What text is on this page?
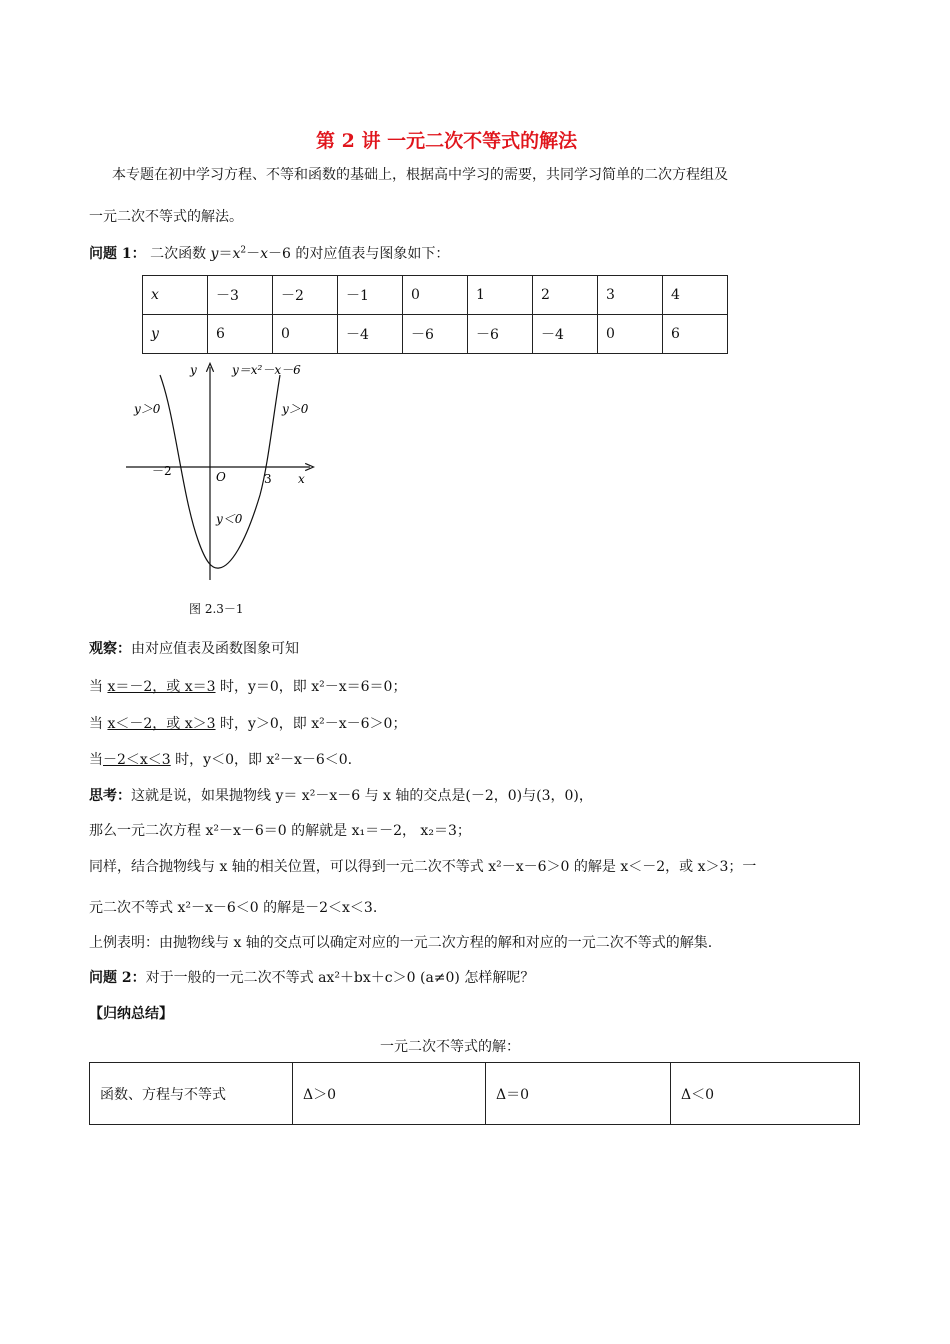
第 2 讲 一元二次不等式的解法
本专题在初中学习方程、不等和函数的基础上，根据高中学习的需要，共同学习简单的二次方程组及
一元二次不等式的解法。
问题 1： 二次函数 $y=x^2-x-6$ 的对应值表与图象如下：
x	－3	－2	－1	0	1	2	3	4
y	6	0	－4	－6	－6	－4	0	6
y
x
O
－2
3
y＝x²－x－6
y＞0	y＞0
y＜0
图 2.3－1
观察：由对应值表及函数图象可知
当 x＝－2，或 x＝3 时，y＝0，即 x²－x＝6＝0；
当 x＜－2，或 x＞3 时，y＞0，即 x²－x－6＞0；
当－2＜x＜3 时，y＜0，即 x²－x－6＜0.
思考：这就是说，如果抛物线 y＝ x²－x－6 与 x 轴的交点是(－2，0)与(3，0)，
那么一元二次方程 x²－x－6＝0 的解就是 x₁＝－2， x₂＝3；
同样，结合抛物线与 x 轴的相关位置，可以得到一元二次不等式 x²－x－6＞0 的解是 x＜－2，或 x＞3；一
元二次不等式 x²－x－6＜0 的解是－2＜x＜3.
上例表明：由抛物线与 x 轴的交点可以确定对应的一元二次方程的解和对应的一元二次不等式的解集.
问题 2：对于一般的一元二次不等式 ax²＋bx＋c＞0 (a≠0) 怎样解呢？
【归纳总结】
一元二次不等式的解：
函数、方程与不等式	Δ＞0	Δ＝0	Δ＜0
